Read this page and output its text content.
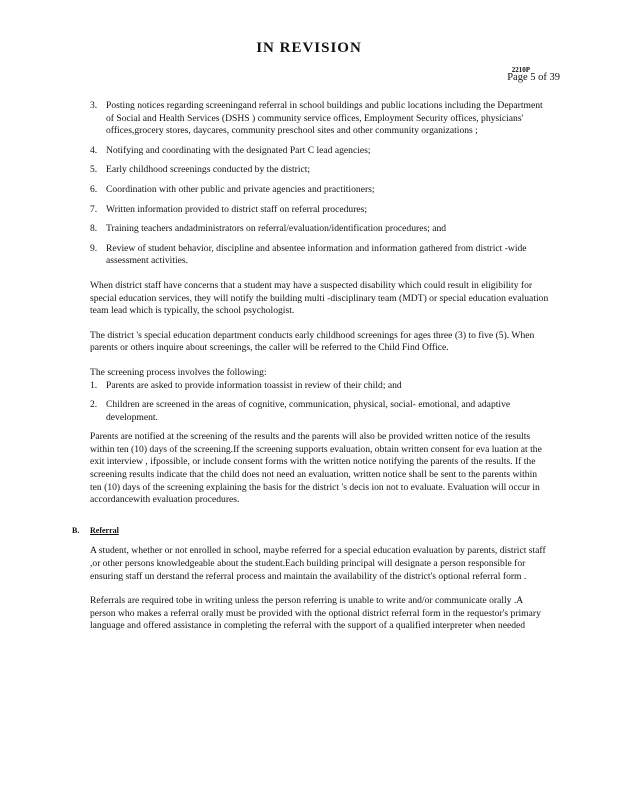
IN REVISION
2210P
Page 5 of 39
3. Posting notices regarding screeningand referral in school buildings and public locations including the Department of Social and Health Services (DSHS ) community service offices, Employment Security offices, physicians' offices,grocery stores, daycares, community preschool sites and other community organizations ;
4. Notifying and coordinating with the designated Part C lead agencies;
5. Early childhood screenings conducted by the district;
6. Coordination with other public and private agencies and practitioners;
7. Written information provided to district staff on referral procedures;
8. Training teachers andadministrators on referral/evaluation/identification procedures; and
9. Review of student behavior, discipline and absentee information and information gathered from district -wide assessment activities.

When district staff have concerns that a student may have a suspected disability which could result in eligibility for special education services, they will notify the building multi -disciplinary team (MDT) or special education evaluation team lead which is typically, the school psychologist.

The district 's special education department conducts early childhood screenings for ages three (3) to five (5). When parents or others inquire about screenings, the caller will be referred to the Child Find Office.

The screening process involves the following:

1. Parents are asked to provide information toassist in review of their child; and
2. Children are screened in the areas of cognitive, communication, physical, social- emotional, and adaptive development.

Parents are notified at the screening of the results and the parents will also be provided written notice of the results within ten (10) days of the screening.If the screening supports evaluation, obtain written consent for eva luation at the exit interview , ifpossible, or include consent forms with the written notice notifying the parents of the results. If the screening results indicate that the child does not need an evaluation, written notice shall be sent to the parents within ten (10) days of the screening explaining the basis for the district 's decis ion not to evaluate. Evaluation will occur in accordancewith evaluation procedures.

B. Referral

A student, whether or not enrolled in school, maybe referred for a special education evaluation by parents, district staff ,or other persons knowledgeable about the student.Each building principal will designate a person responsible for ensuring staff un derstand the referral process and maintain the availability of the district's optional referral form .

Referrals are required tobe in writing unless the person referring is unable to write and/or communicate orally .A person who makes a referral orally must be provided with the optional district referral form in the requestor's primary language and offered assistance in completing the referral with the support of a qualified interpreter when needed
